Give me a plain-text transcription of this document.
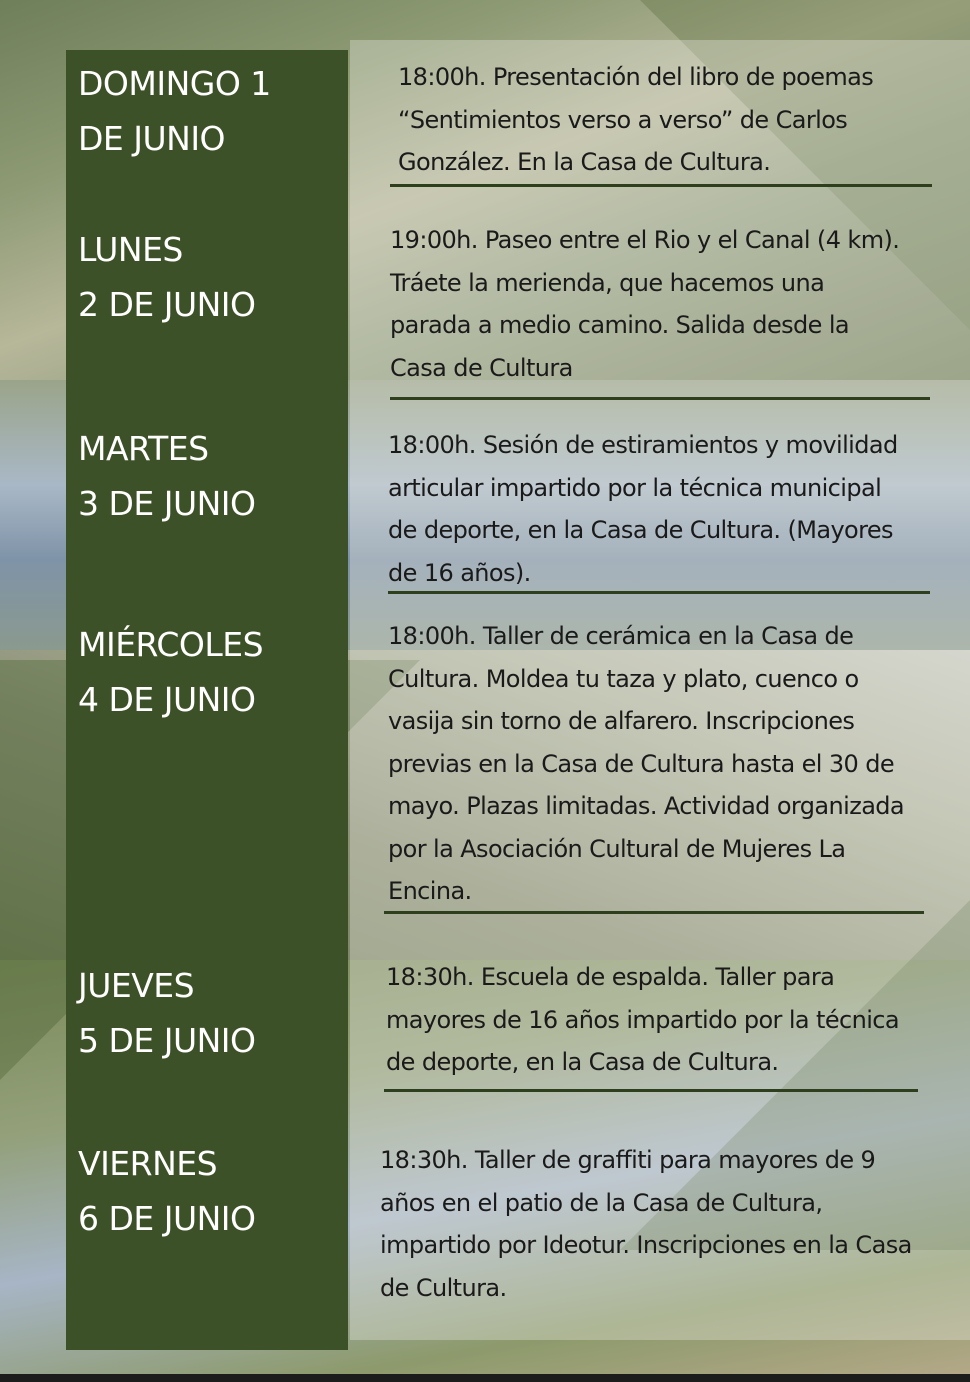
DOMINGO 1
DE JUNIO
LUNES
2 DE JUNIO
MARTES
3 DE JUNIO
MIÉRCOLES
4 DE JUNIO
JUEVES
5 DE JUNIO
VIERNES
6 DE JUNIO
18:00h. Presentación del libro de poemas
“Sentimientos verso a verso” de Carlos
González. En la Casa de Cultura.
19:00h. Paseo entre el Rio y el Canal (4 km).
Tráete la merienda, que hacemos una
parada a medio camino. Salida desde la
Casa de Cultura
18:00h. Sesión de estiramientos y movilidad
articular impartido por la técnica municipal
de deporte, en la Casa de Cultura. (Mayores
de 16 años).
18:00h. Taller de cerámica en la Casa de
Cultura. Moldea tu taza y plato, cuenco o
vasija sin torno de alfarero. Inscripciones
previas en la Casa de Cultura hasta el 30 de
mayo. Plazas limitadas. Actividad organizada
por la Asociación Cultural de Mujeres La
Encina.
18:30h. Escuela de espalda. Taller para
mayores de 16 años impartido por la técnica
de deporte, en la Casa de Cultura.
18:30h. Taller de graffiti para mayores de 9
años en el patio de la Casa de Cultura,
impartido por Ideotur. Inscripciones en la Casa
de Cultura.
